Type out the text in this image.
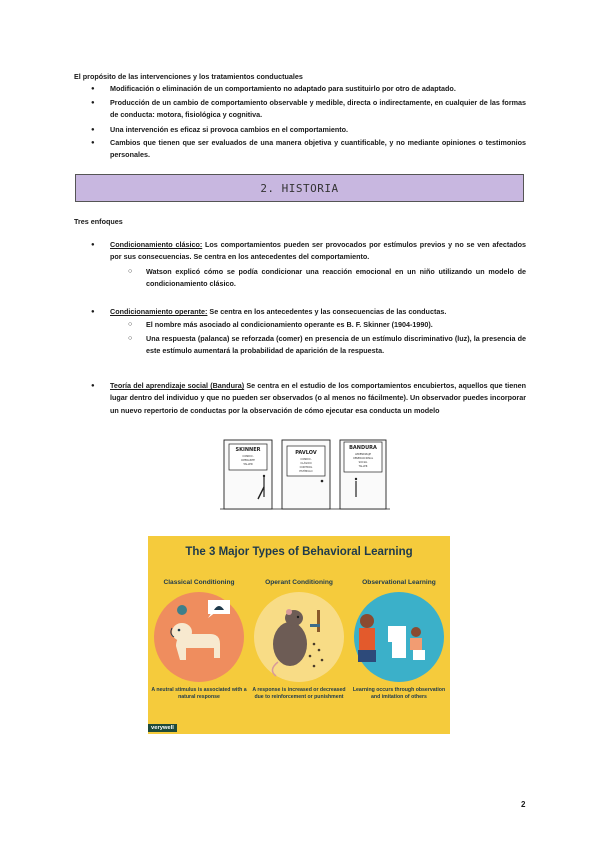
El propósito de las intervenciones y los tratamientos conductuales
● Modificación o eliminación de un comportamiento no adaptado para sustituirlo por otro de adaptado.
● Producción de un cambio de comportamiento observable y medible, directa o indirectamente, en cualquier de las formas de conducta: motora, fisiológica y cognitiva.
● Una intervención es eficaz si provoca cambios en el comportamiento.
● Cambios que tienen que ser evaluados de una manera objetiva y cuantificable, y no mediante opiniones o testimonios personales.
2. HISTORIA
Tres enfoques
● Condicionamiento clásico: Los comportamientos pueden ser provocados por estímulos previos y no se ven afectados por sus consecuencias. Se centra en los antecedentes del comportamiento.
○ Watson explicó cómo se podía condicionar una reacción emocional en un niño utilizando un modelo de condicionamiento clásico.
● Condicionamiento operante: Se centra en los antecedentes y las consecuencias de las conductas.
○ El nombre más asociado al condicionamiento operante es B. F. Skinner (1904-1990).
○ Una respuesta (palanca) se reforzada (comer) en presencia de un estímulo discriminativo (luz), la presencia de este estímulo aumentará la probabilidad de aparición de la respuesta.
● Teoría del aprendizaje social (Bandura) Se centra en el estudio de los comportamientos encubiertos, aquellos que tienen lugar dentro del individuo y que no pueden ser observados (o al menos no fácilmente). Un observador puedes incorporar un nuevo repertorio de conductas por la observación de cómo ejecutar esa conducta un modelo
SKINNER
CONDIC.
OPERANTE
TALLER
PAVLOV
CONDIC.
CLÁSICO
CONTROL
ESTÍMULO
BANDURA
APRENDIZAJE
OBSERVACIONAL
SOCIAL
TALLER
The 3 Major Types of Behavioral Learning
Classical Conditioning	Operant Conditioning	Observational Learning
A neutral stimulus is associated with a natural response
A response is increased or decreased due to reinforcement or punishment
Learning occurs through observation and imitation of others
verywell
2
